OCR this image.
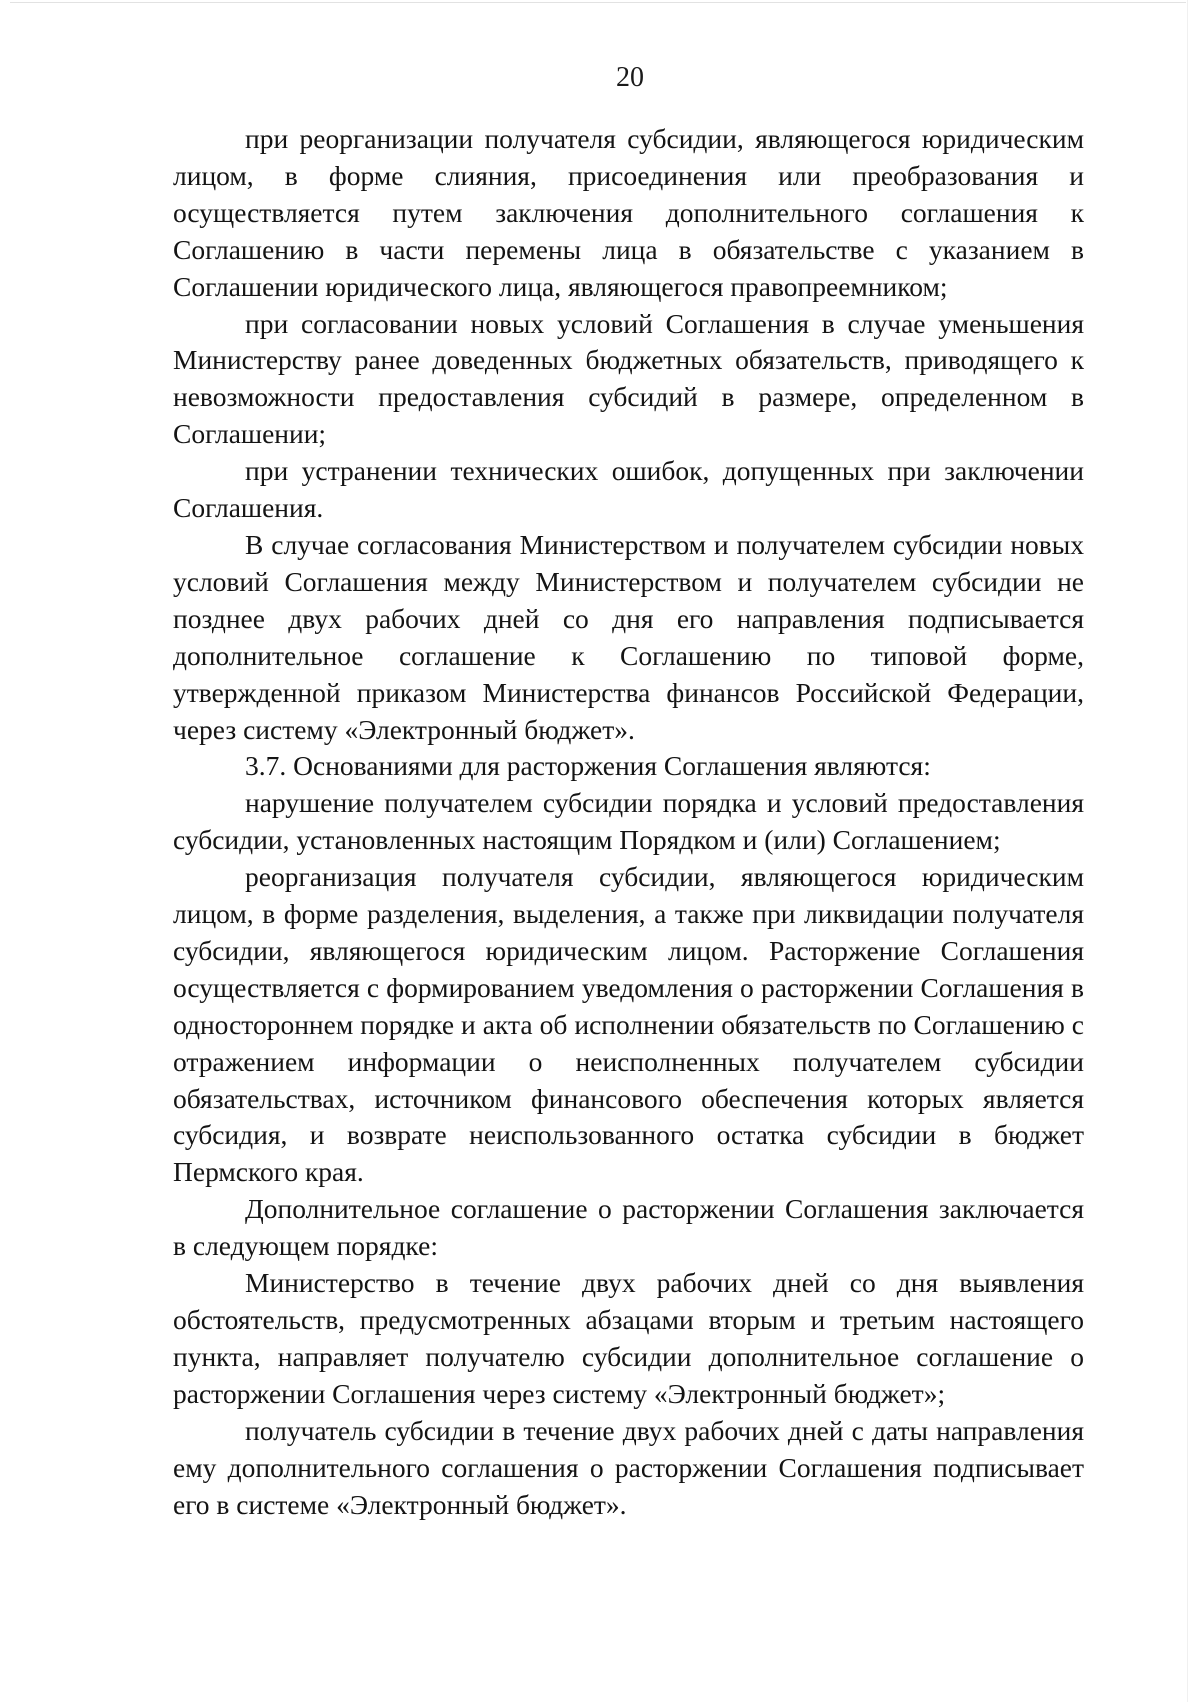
20

при реорганизации получателя субсидии, являющегося юридическим лицом, в форме слияния, присоединения или преобразования и осуществляется путем заключения дополнительного соглашения к Соглашению в части перемены лица в обязательстве с указанием в Соглашении юридического лица, являющегося правопреемником;

при согласовании новых условий Соглашения в случае уменьшения Министерству ранее доведенных бюджетных обязательств, приводящего к невозможности предоставления субсидий в размере, определенном в Соглашении;

при устранении технических ошибок, допущенных при заключении Соглашения.

В случае согласования Министерством и получателем субсидии новых условий Соглашения между Министерством и получателем субсидии не позднее двух рабочих дней со дня его направления подписывается дополнительное соглашение к Соглашению по типовой форме, утвержденной приказом Министерства финансов Российской Федерации, через систему «Электронный бюджет».

3.7. Основаниями для расторжения Соглашения являются:

нарушение получателем субсидии порядка и условий предоставления субсидии, установленных настоящим Порядком и (или) Соглашением;

реорганизация получателя субсидии, являющегося юридическим лицом, в форме разделения, выделения, а также при ликвидации получателя субсидии, являющегося юридическим лицом. Расторжение Соглашения осуществляется с формированием уведомления о расторжении Соглашения в одностороннем порядке и акта об исполнении обязательств по Соглашению с отражением информации о неисполненных получателем субсидии обязательствах, источником финансового обеспечения которых является субсидия, и возврате неиспользованного остатка субсидии в бюджет Пермского края.

Дополнительное соглашение о расторжении Соглашения заключается в следующем порядке:

Министерство в течение двух рабочих дней со дня выявления обстоятельств, предусмотренных абзацами вторым и третьим настоящего пункта, направляет получателю субсидии дополнительное соглашение о расторжении Соглашения через систему «Электронный бюджет»;

получатель субсидии в течение двух рабочих дней с даты направления ему дополнительного соглашения о расторжении Соглашения подписывает его в системе «Электронный бюджет».
